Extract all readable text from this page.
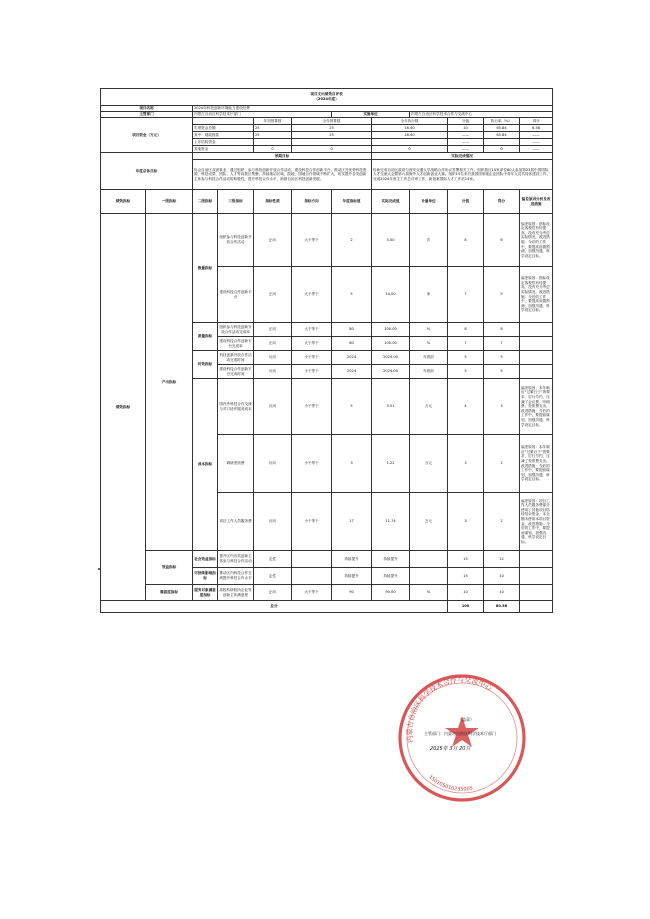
项目支出绩效自评表
（2024年度）											

项目名称		2024年科技创新环境能力建设经费									
主管部门		内蒙古自治区科学技术厅部门				实施单位		内蒙古自治区科学技术合作与交流中心			
项目资金（万元）				年初预算数	全年预算数		全年执行数		分值	执行率（%）	得分
		年度资金总额		25	25		16.40		10	65.84	6.58
		其中：财政拨款		25	25		16.40		——	65.84	——
		上年结转资金							——		——
		其他资金		0	0		0		——	0	——
年度总体目标		预期目标					实际完成情况				
		协会自治区双创事业，通过组织、参与科技创新开放合作活动，建设科技合作创新平台，推动区外优势科技资源、科技成果、团队、人才等向我区集聚，持续推动区域、院地、国地合作领域不断扩大，切实提升各类创新主体参与科技合作活动的积极性，提升科技合作水平，助推自治区科技创新发展。					协助完成自治区政府与西安交通大学战略合作协议签署相关工作。组织我区10家单位80人参加第23届中国国际人才交流大会暨第六届海外人才创新创业大赛。组织10名来自我国国家级企业团队中青年人员共同体建设工作，完成2024年度主工作总评审工作，新备案国际人才工作站14家。				
绩效指标	一级指标	二级指标	三级指标	指标性质	指标方向	年度指标值	实际完成值	计量单位	分值	得分	偏差原因分析及改进措施
绩效指标	产出指标	数量指标	组织参与科技创新开放合作活动	正向	大于等于	2	3.00	次	8	6	偏差原因：指标设定客观性有待提高，没有充分考虑实际情况。改进措施：今后的工作中，要提高前置预测，加强沟通，科学设定目标。
			建设科技合作创新平台	正向	大于等于	5	14.00	家	7	5	偏差原因：指标设定客观性有待提高，没有充分考虑实际情况。改进措施：今后的工作中，要提高前置预测，加强沟通，科学设定目标。
		质量指标	组织参与科技创新开放合作活动完成率	正向	大于等于	80	100.00	%	8	8	
			建设科技合作创新平台完成率	正向	大于等于	80	100.00	%	7	7	
		时效指标	科技创新开放合作活动完成时间	反向	小于等于	2024	2024.00	年底前	5	5	
			建设科技合作创新平台完成时间	反向	小于等于	2024	2024.00	年底前	5	5	
		成本指标	国内外科技合作交流与对口协作服务成本	反向	小于等于	5	3.51	万元	4	3	偏差原因：本年响应“过紧日子”的要求，厉行节约，压减了会议费、印刷费、差旅费支出。改进措施：今后的工作中，要提前谋划，加强沟通，科学设定目标。
			调研差旅费	反向	小于等于	3	1.22	万元	3	2	偏差原因：本年响应“过紧日子”的要求，厉行节约，压减了差旅费支出。改进措施：今后的工作中，要提前谋划，加强沟通，科学设定目标。
			项目工作人员服务费	反向	小于等于	17	11.74	万元	3	2	偏差原因：项目工作人员服务费部分使用了其他项目结转结余资金，本全额未使用本项目资金。改进措施：今后的工作中，要提前谋划，加强沟通，科学设定目标。
	效益指标	社会效益指标	提升区内各类创新主体参与科技合作活动	定性		持续提升	持续提升		15	12	
		可持续影响指标	推动区内科技合作交流提升科技合作水平	定性		持续提升	持续提升		15	10	
	满意度指标	服务对象满意度指标	高校科研院所企业等创新主体满意度	正向	大于等于	90	90.00	%	10	10	
总分									100	80.58	
内蒙古自治区科学技术合作与交流中心
150105010235005
（盖章）
主管部门：内蒙古自治区科学技术厅部门
2025年 3月 20日
